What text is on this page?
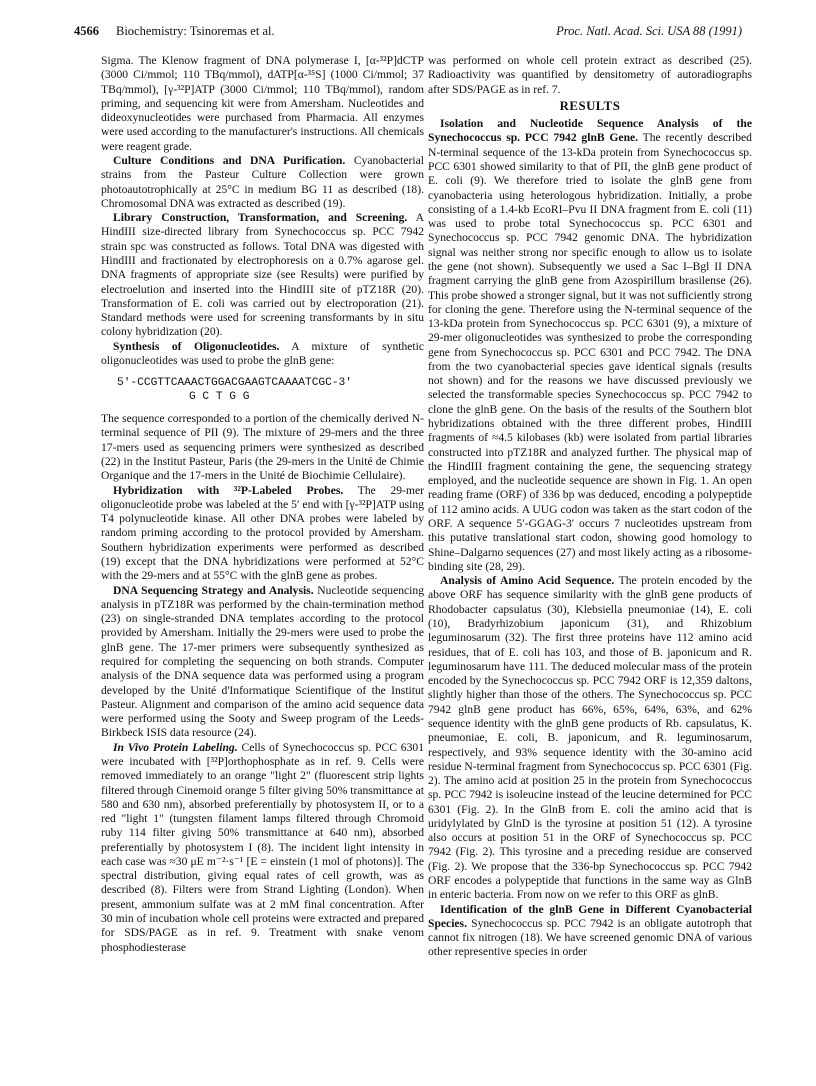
4566 Biochemistry: Tsinoremas et al.	Proc. Natl. Acad. Sci. USA 88 (1991)

Sigma. The Klenow fragment of DNA polymerase I, [α-³²P]dCTP (3000 Ci/mmol; 110 TBq/mmol), dATP[α-³⁵S] (1000 Ci/mmol; 37 TBq/mmol), [γ-³²P]ATP (3000 Ci/mmol; 110 TBq/mmol), random priming, and sequencing kit were from Amersham. Nucleotides and dideoxynucleotides were purchased from Pharmacia. All enzymes were used according to the manufacturer's instructions. All chemicals were reagent grade.

Culture Conditions and DNA Purification. Cyanobacterial strains from the Pasteur Culture Collection were grown photoautotrophically at 25°C in medium BG 11 as described (18). Chromosomal DNA was extracted as described (19).

Library Construction, Transformation, and Screening. A HindIII size-directed library from Synechococcus sp. PCC 7942 strain spc was constructed as follows. Total DNA was digested with HindIII and fractionated by electrophoresis on a 0.7% agarose gel. DNA fragments of appropriate size (see Results) were purified by electroelution and inserted into the HindIII site of pTZ18R (20). Transformation of E. coli was carried out by electroporation (21). Standard methods were used for screening transformants by in situ colony hybridization (20).

Synthesis of Oligonucleotides. A mixture of synthetic oligonucleotides was used to probe the glnB gene:

5′-CCGTTCAAACTGGACGAAGTCAAAATCGC-3′
G C T G G

The sequence corresponded to a portion of the chemically derived N-terminal sequence of PII (9). The mixture of 29-mers and the three 17-mers used as sequencing primers were synthesized as described (22) in the Institut Pasteur, Paris (the 29-mers in the Unité de Chimie Organique and the 17-mers in the Unité de Biochimie Cellulaire).

Hybridization with ³²P-Labeled Probes. The 29-mer oligonucleotide probe was labeled at the 5′ end with [γ-³²P]ATP using T4 polynucleotide kinase. All other DNA probes were labeled by random priming according to the protocol provided by Amersham. Southern hybridization experiments were performed as described (19) except that the DNA hybridizations were performed at 52°C with the 29-mers and at 55°C with the glnB gene as probes.

DNA Sequencing Strategy and Analysis. Nucleotide sequencing analysis in pTZ18R was performed by the chain-termination method (23) on single-stranded DNA templates according to the protocol provided by Amersham. Initially the 29-mers were used to probe the glnB gene. The 17-mer primers were subsequently synthesized as required for completing the sequencing on both strands. Computer analysis of the DNA sequence data was performed using a program developed by the Unité d'Informatique Scientifique of the Institut Pasteur. Alignment and comparison of the amino acid sequence data were performed using the Sooty and Sweep program of the Leeds-Birkbeck ISIS data resource (24).

In Vivo Protein Labeling. Cells of Synechococcus sp. PCC 6301 were incubated with [³²P]orthophosphate as in ref. 9. Cells were removed immediately to an orange "light 2" (fluorescent strip lights filtered through Cinemoid orange 5 filter giving 50% transmittance at 580 and 630 nm), absorbed preferentially by photosystem II, or to a red "light 1" (tungsten filament lamps filtered through Chromoid ruby 114 filter giving 50% transmittance at 640 nm), absorbed preferentially by photosystem I (8). The incident light intensity in each case was ≈30 μE m⁻²·s⁻¹ [E = einstein (1 mol of photons)]. The spectral distribution, giving equal rates of cell growth, was as described (8). Filters were from Strand Lighting (London). When present, ammonium sulfate was at 2 mM final concentration. After 30 min of incubation whole cell proteins were extracted and prepared for SDS/PAGE as in ref. 9. Treatment with snake venom phosphodiesterase

was performed on whole cell protein extract as described (25). Radioactivity was quantified by densitometry of autoradiographs after SDS/PAGE as in ref. 7.

RESULTS

Isolation and Nucleotide Sequence Analysis of the Synechococcus sp. PCC 7942 glnB Gene. The recently described N-terminal sequence of the 13-kDa protein from Synechococcus sp. PCC 6301 showed similarity to that of PII, the glnB gene product of E. coli (9). We therefore tried to isolate the glnB gene from cyanobacteria using heterologous hybridization. Initially, a probe consisting of a 1.4-kb EcoRI–Pvu II DNA fragment from E. coli (11) was used to probe total Synechococcus sp. PCC 6301 and Synechococcus sp. PCC 7942 genomic DNA. The hybridization signal was neither strong nor specific enough to allow us to isolate the gene (not shown). Subsequently we used a Sac I–Bgl II DNA fragment carrying the glnB gene from Azospirillum brasilense (26). This probe showed a stronger signal, but it was not sufficiently strong for cloning the gene. Therefore using the N-terminal sequence of the 13-kDa protein from Synechococcus sp. PCC 6301 (9), a mixture of 29-mer oligonucleotides was synthesized to probe the corresponding gene from Synechococcus sp. PCC 6301 and PCC 7942. The DNA from the two cyanobacterial species gave identical signals (results not shown) and for the reasons we have discussed previously we selected the transformable species Synechococcus sp. PCC 7942 to clone the glnB gene. On the basis of the results of the Southern blot hybridizations obtained with the three different probes, HindIII fragments of ≈4.5 kilobases (kb) were isolated from partial libraries constructed into pTZ18R and analyzed further. The physical map of the HindIII fragment containing the gene, the sequencing strategy employed, and the nucleotide sequence are shown in Fig. 1. An open reading frame (ORF) of 336 bp was deduced, encoding a polypeptide of 112 amino acids. A UUG codon was taken as the start codon of the ORF. A sequence 5′-GGAG-3′ occurs 7 nucleotides upstream from this putative translational start codon, showing good homology to Shine–Dalgarno sequences (27) and most likely acting as a ribosome-binding site (28, 29).

Analysis of Amino Acid Sequence. The protein encoded by the above ORF has sequence similarity with the glnB gene products of Rhodobacter capsulatus (30), Klebsiella pneumoniae (14), E. coli (10), Bradyrhizobium japonicum (31), and Rhizobium leguminosarum (32). The first three proteins have 112 amino acid residues, that of E. coli has 103, and those of B. japonicum and R. leguminosarum have 111. The deduced molecular mass of the protein encoded by the Synechococcus sp. PCC 7942 ORF is 12,359 daltons, slightly higher than those of the others. The Synechococcus sp. PCC 7942 glnB gene product has 66%, 65%, 64%, 63%, and 62% sequence identity with the glnB gene products of Rb. capsulatus, K. pneumoniae, E. coli, B. japonicum, and R. leguminosarum, respectively, and 93% sequence identity with the 30-amino acid residue N-terminal fragment from Synechococcus sp. PCC 6301 (Fig. 2). The amino acid at position 25 in the protein from Synechococcus sp. PCC 7942 is isoleucine instead of the leucine determined for PCC 6301 (Fig. 2). In the GlnB from E. coli the amino acid that is uridylylated by GlnD is the tyrosine at position 51 (12). A tyrosine also occurs at position 51 in the ORF of Synechococcus sp. PCC 7942 (Fig. 2). This tyrosine and a preceding residue are conserved (Fig. 2). We propose that the 336-bp Synechococcus sp. PCC 7942 ORF encodes a polypeptide that functions in the same way as GlnB in enteric bacteria. From now on we refer to this ORF as glnB.

Identification of the glnB Gene in Different Cyanobacterial Species. Synechococcus sp. PCC 7942 is an obligate autotroph that cannot fix nitrogen (18). We have screened genomic DNA of various other representive species in order
